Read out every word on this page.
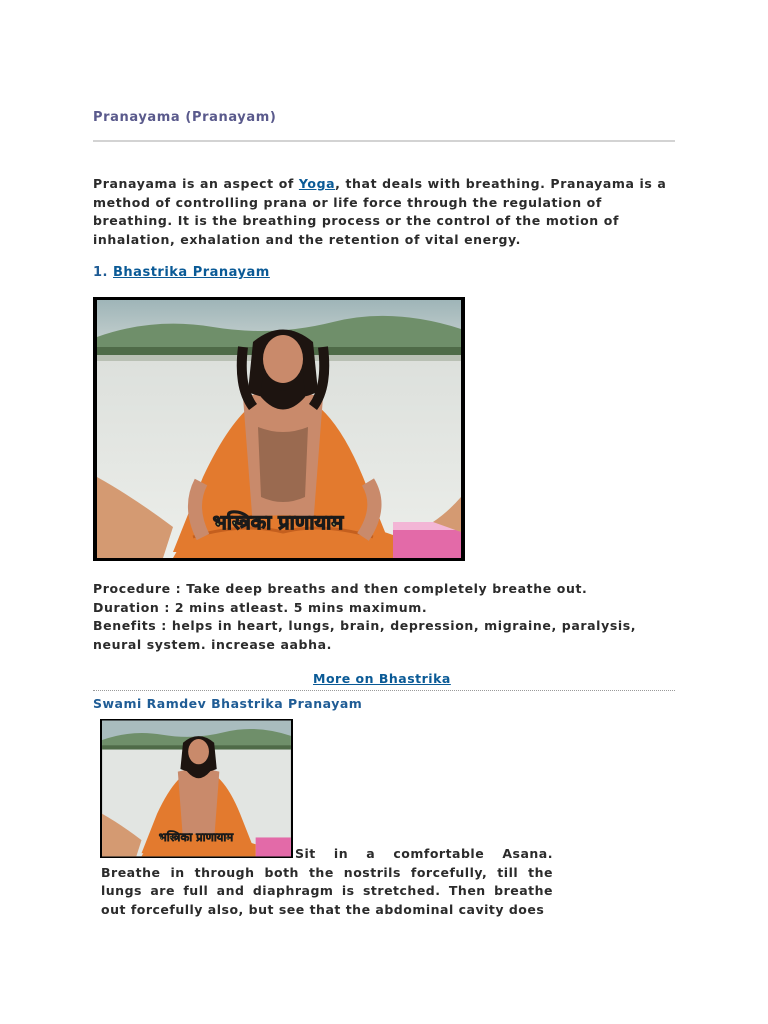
Pranayama (Pranayam)
Pranayama is an aspect of Yoga, that deals with breathing. Pranayama is a method of controlling prana or life force through the regulation of breathing. It is the breathing process or the control of the motion of inhalation, exhalation and the retention of vital energy.
1. Bhastrika Pranayam
भस्त्रिका प्राणायाम
Procedure : Take deep breaths and then completely breathe out.
Duration : 2 mins atleast. 5 mins maximum.
Benefits : helps in heart, lungs, brain, depression, migraine, paralysis, neural system. increase aabha.
More on Bhastrika
Swami Ramdev Bhastrika Pranayam
भस्त्रिका प्राणायाम
Sit in a comfortable Asana. Breathe in through both the nostrils forcefully, till the lungs are full and diaphragm is stretched. Then breathe out forcefully also, but see that the abdominal cavity does
